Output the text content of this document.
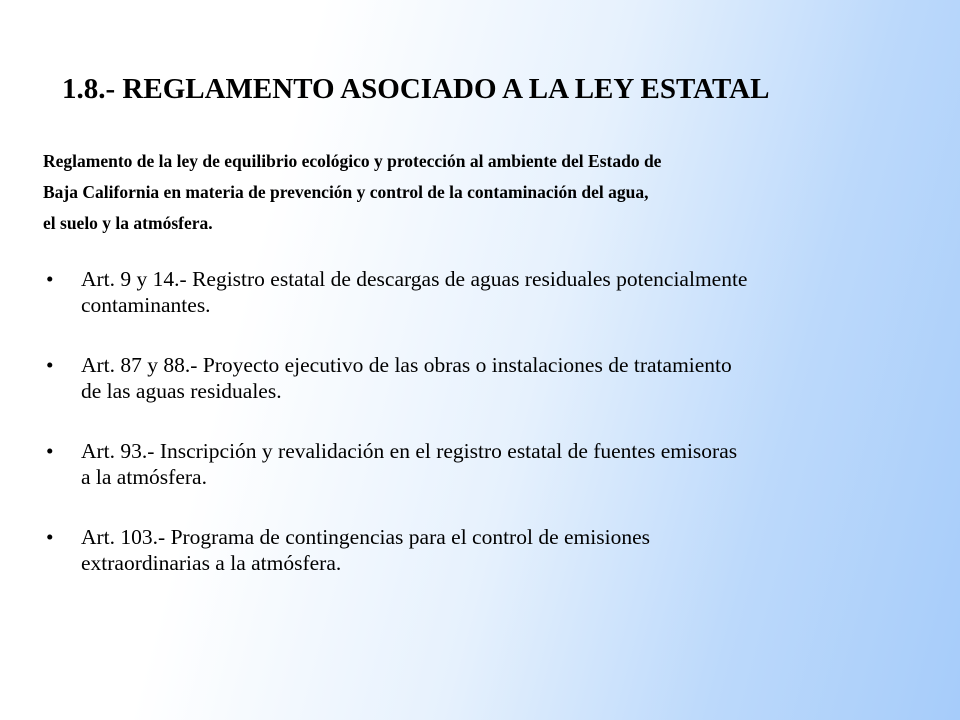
1.8.- REGLAMENTO ASOCIADO A LA LEY ESTATAL

Reglamento de la ley de equilibrio ecológico y protección al ambiente del Estado de
Baja California en materia de prevención y control de la contaminación del agua,
el suelo y la atmósfera.

•	Art. 9 y 14.- Registro estatal de descargas de aguas residuales potencialmente
contaminantes.
•	Art. 87 y 88.- Proyecto ejecutivo de las obras o instalaciones de tratamiento
de las aguas residuales.
•	Art. 93.- Inscripción y revalidación en el registro estatal de fuentes emisoras
a la atmósfera.
•	Art. 103.- Programa de contingencias para el control de emisiones
extraordinarias a la atmósfera.
